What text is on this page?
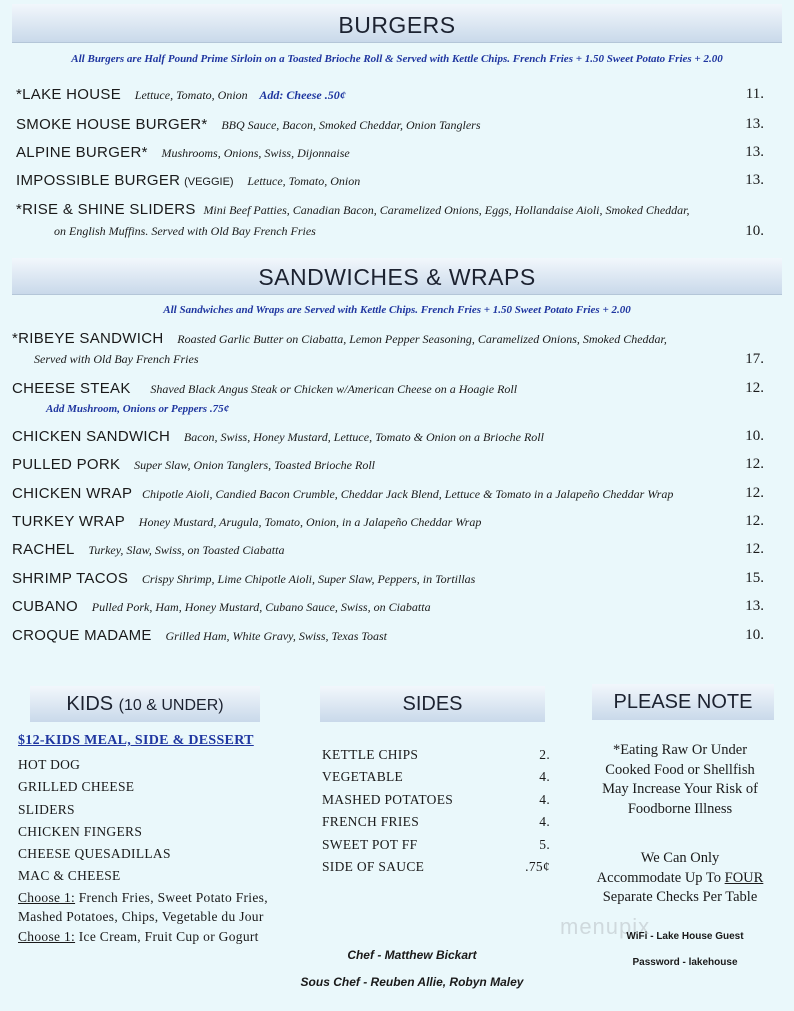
BURGERS
All Burgers are Half Pound Prime Sirloin on a Toasted Brioche Roll & Served with Kettle Chips. French Fries + 1.50 Sweet Potato Fries + 2.00
*LAKE HOUSE Lettuce, Tomato, Onion Add: Cheese .50¢	11.
SMOKE HOUSE BURGER* BBQ Sauce, Bacon, Smoked Cheddar, Onion Tanglers	13.
ALPINE BURGER* Mushrooms, Onions, Swiss, Dijonnaise	13.
IMPOSSIBLE BURGER (VEGGIE) Lettuce, Tomato, Onion	13.
*RISE & SHINE SLIDERS Mini Beef Patties, Canadian Bacon, Caramelized Onions, Eggs, Hollandaise Aioli, Smoked Cheddar,
on English Muffins. Served with Old Bay French Fries	10.
SANDWICHES & WRAPS
All Sandwiches and Wraps are Served with Kettle Chips. French Fries + 1.50 Sweet Potato Fries + 2.00
*RIBEYE SANDWICH Roasted Garlic Butter on Ciabatta, Lemon Pepper Seasoning, Caramelized Onions, Smoked Cheddar,
Served with Old Bay French Fries	17.
CHEESE STEAK Shaved Black Angus Steak or Chicken w/American Cheese on a Hoagie Roll	12.
Add Mushroom, Onions or Peppers .75¢
CHICKEN SANDWICH Bacon, Swiss, Honey Mustard, Lettuce, Tomato & Onion on a Brioche Roll	10.
PULLED PORK Super Slaw, Onion Tanglers, Toasted Brioche Roll	12.
CHICKEN WRAP Chipotle Aioli, Candied Bacon Crumble, Cheddar Jack Blend, Lettuce & Tomato in a Jalapeño Cheddar Wrap	12.
TURKEY WRAP Honey Mustard, Arugula, Tomato, Onion, in a Jalapeño Cheddar Wrap	12.
RACHEL Turkey, Slaw, Swiss, on Toasted Ciabatta	12.
SHRIMP TACOS Crispy Shrimp, Lime Chipotle Aioli, Super Slaw, Peppers, in Tortillas	15.
CUBANO Pulled Pork, Ham, Honey Mustard, Cubano Sauce, Swiss, on Ciabatta	13.
CROQUE MADAME Grilled Ham, White Gravy, Swiss, Texas Toast	10.
KIDS (10 & UNDER)
$12-KIDS MEAL, SIDE & DESSERT
HOT DOG
GRILLED CHEESE
SLIDERS
CHICKEN FINGERS
CHEESE QUESADILLAS
MAC & CHEESE
Choose 1: French Fries, Sweet Potato Fries,
Mashed Potatoes, Chips, Vegetable du Jour
Choose 1: Ice Cream, Fruit Cup or Gogurt
SIDES
KETTLE CHIPS	2.
VEGETABLE	4.
MASHED POTATOES	4.
FRENCH FRIES	4.
SWEET POT FF	5.
SIDE OF SAUCE	.75¢
PLEASE NOTE
*Eating Raw Or Under
Cooked Food or Shellfish
May Increase Your Risk of
Foodborne Illness
We Can Only
Accommodate Up To FOUR
Separate Checks Per Table
menupix
WiFi - Lake House Guest
Password - lakehouse
Chef - Matthew Bickart
Sous Chef - Reuben Allie, Robyn Maley
